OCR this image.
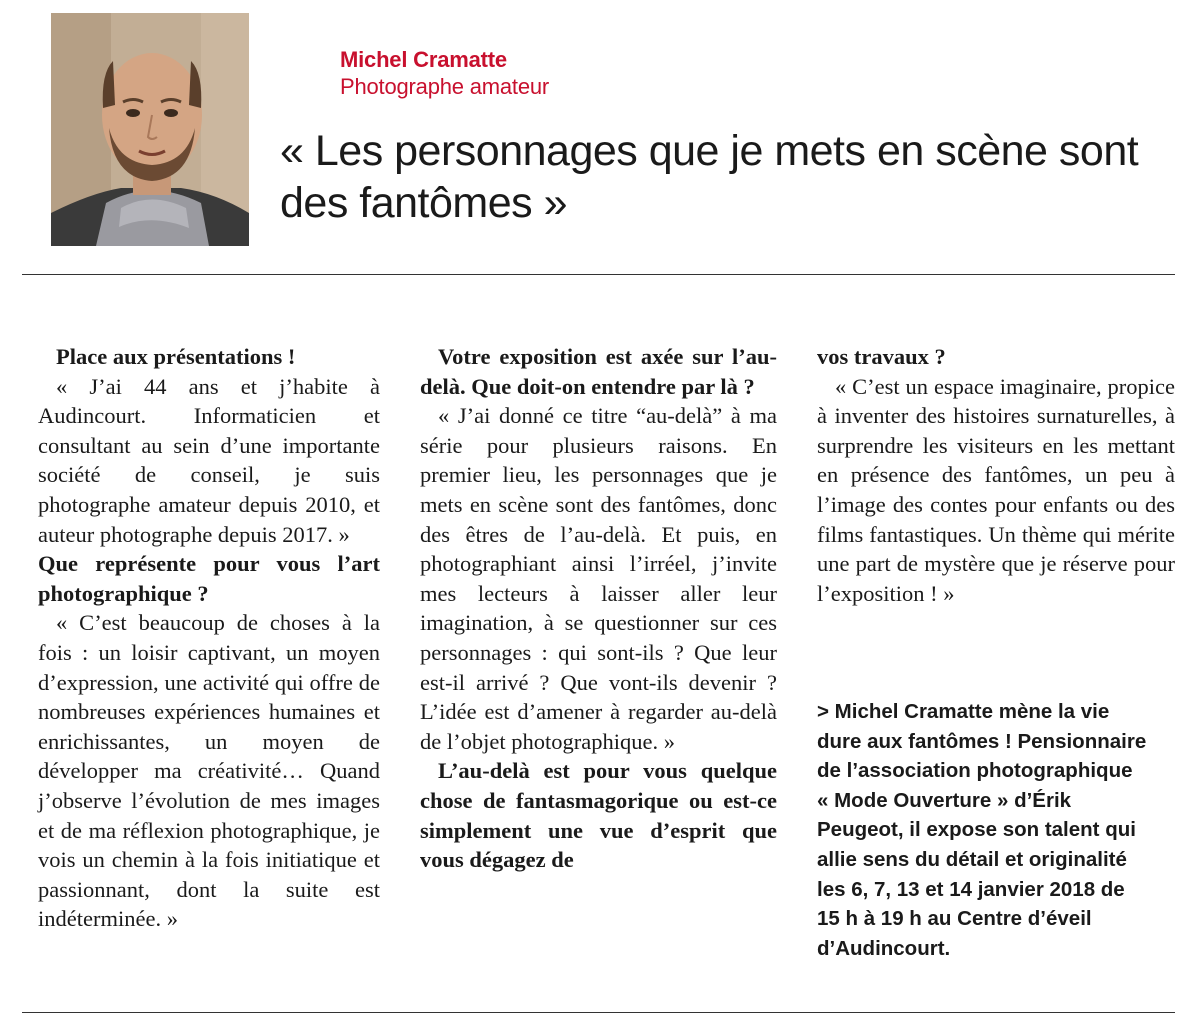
Michel Cramatte
Photographe amateur
« Les personnages que je mets en scène sont des fantômes »

Place aux présentations !

« J’ai 44 ans et j’habite à Audincourt. Informaticien et consultant au sein d’une importante société de conseil, je suis photographe amateur depuis 2010, et auteur photographe depuis 2017. »

Que représente pour vous l’art photographique ?

« C’est beaucoup de choses à la fois : un loisir captivant, un moyen d’expression, une activité qui offre de nombreuses expériences humaines et enrichissantes, un moyen de développer ma créativité… Quand j’observe l’évolution de mes images et de ma réflexion photographique, je vois un chemin à la fois initiatique et passionnant, dont la suite est indéterminée. »

Votre exposition est axée sur l’au-delà. Que doit-on entendre par là ?

« J’ai donné ce titre “au-delà” à ma série pour plusieurs raisons. En premier lieu, les personnages que je mets en scène sont des fantômes, donc des êtres de l’au-delà. Et puis, en photographiant ainsi l’irréel, j’invite mes lecteurs à laisser aller leur imagination, à se questionner sur ces personnages : qui sont-ils ? Que leur est-il arrivé ? Que vont-ils devenir ? L’idée est d’amener à regarder au-delà de l’objet photographique. »

L’au-delà est pour vous quelque chose de fantasmagorique ou est-ce simplement une vue d’esprit que vous dégagez de

vos travaux ?

« C’est un espace imaginaire, propice à inventer des histoires surnaturelles, à surprendre les visiteurs en les mettant en présence des fantômes, un peu à l’image des contes pour enfants ou des films fantastiques. Un thème qui mérite une part de mystère que je réserve pour l’exposition ! »

> Michel Cramatte mène la vie dure aux fantômes ! Pensionnaire de l’association photographique « Mode Ouverture » d’Érik Peugeot, il expose son talent qui allie sens du détail et originalité les 6, 7, 13 et 14 janvier 2018 de 15 h à 19 h au Centre d’éveil d’Audincourt.
